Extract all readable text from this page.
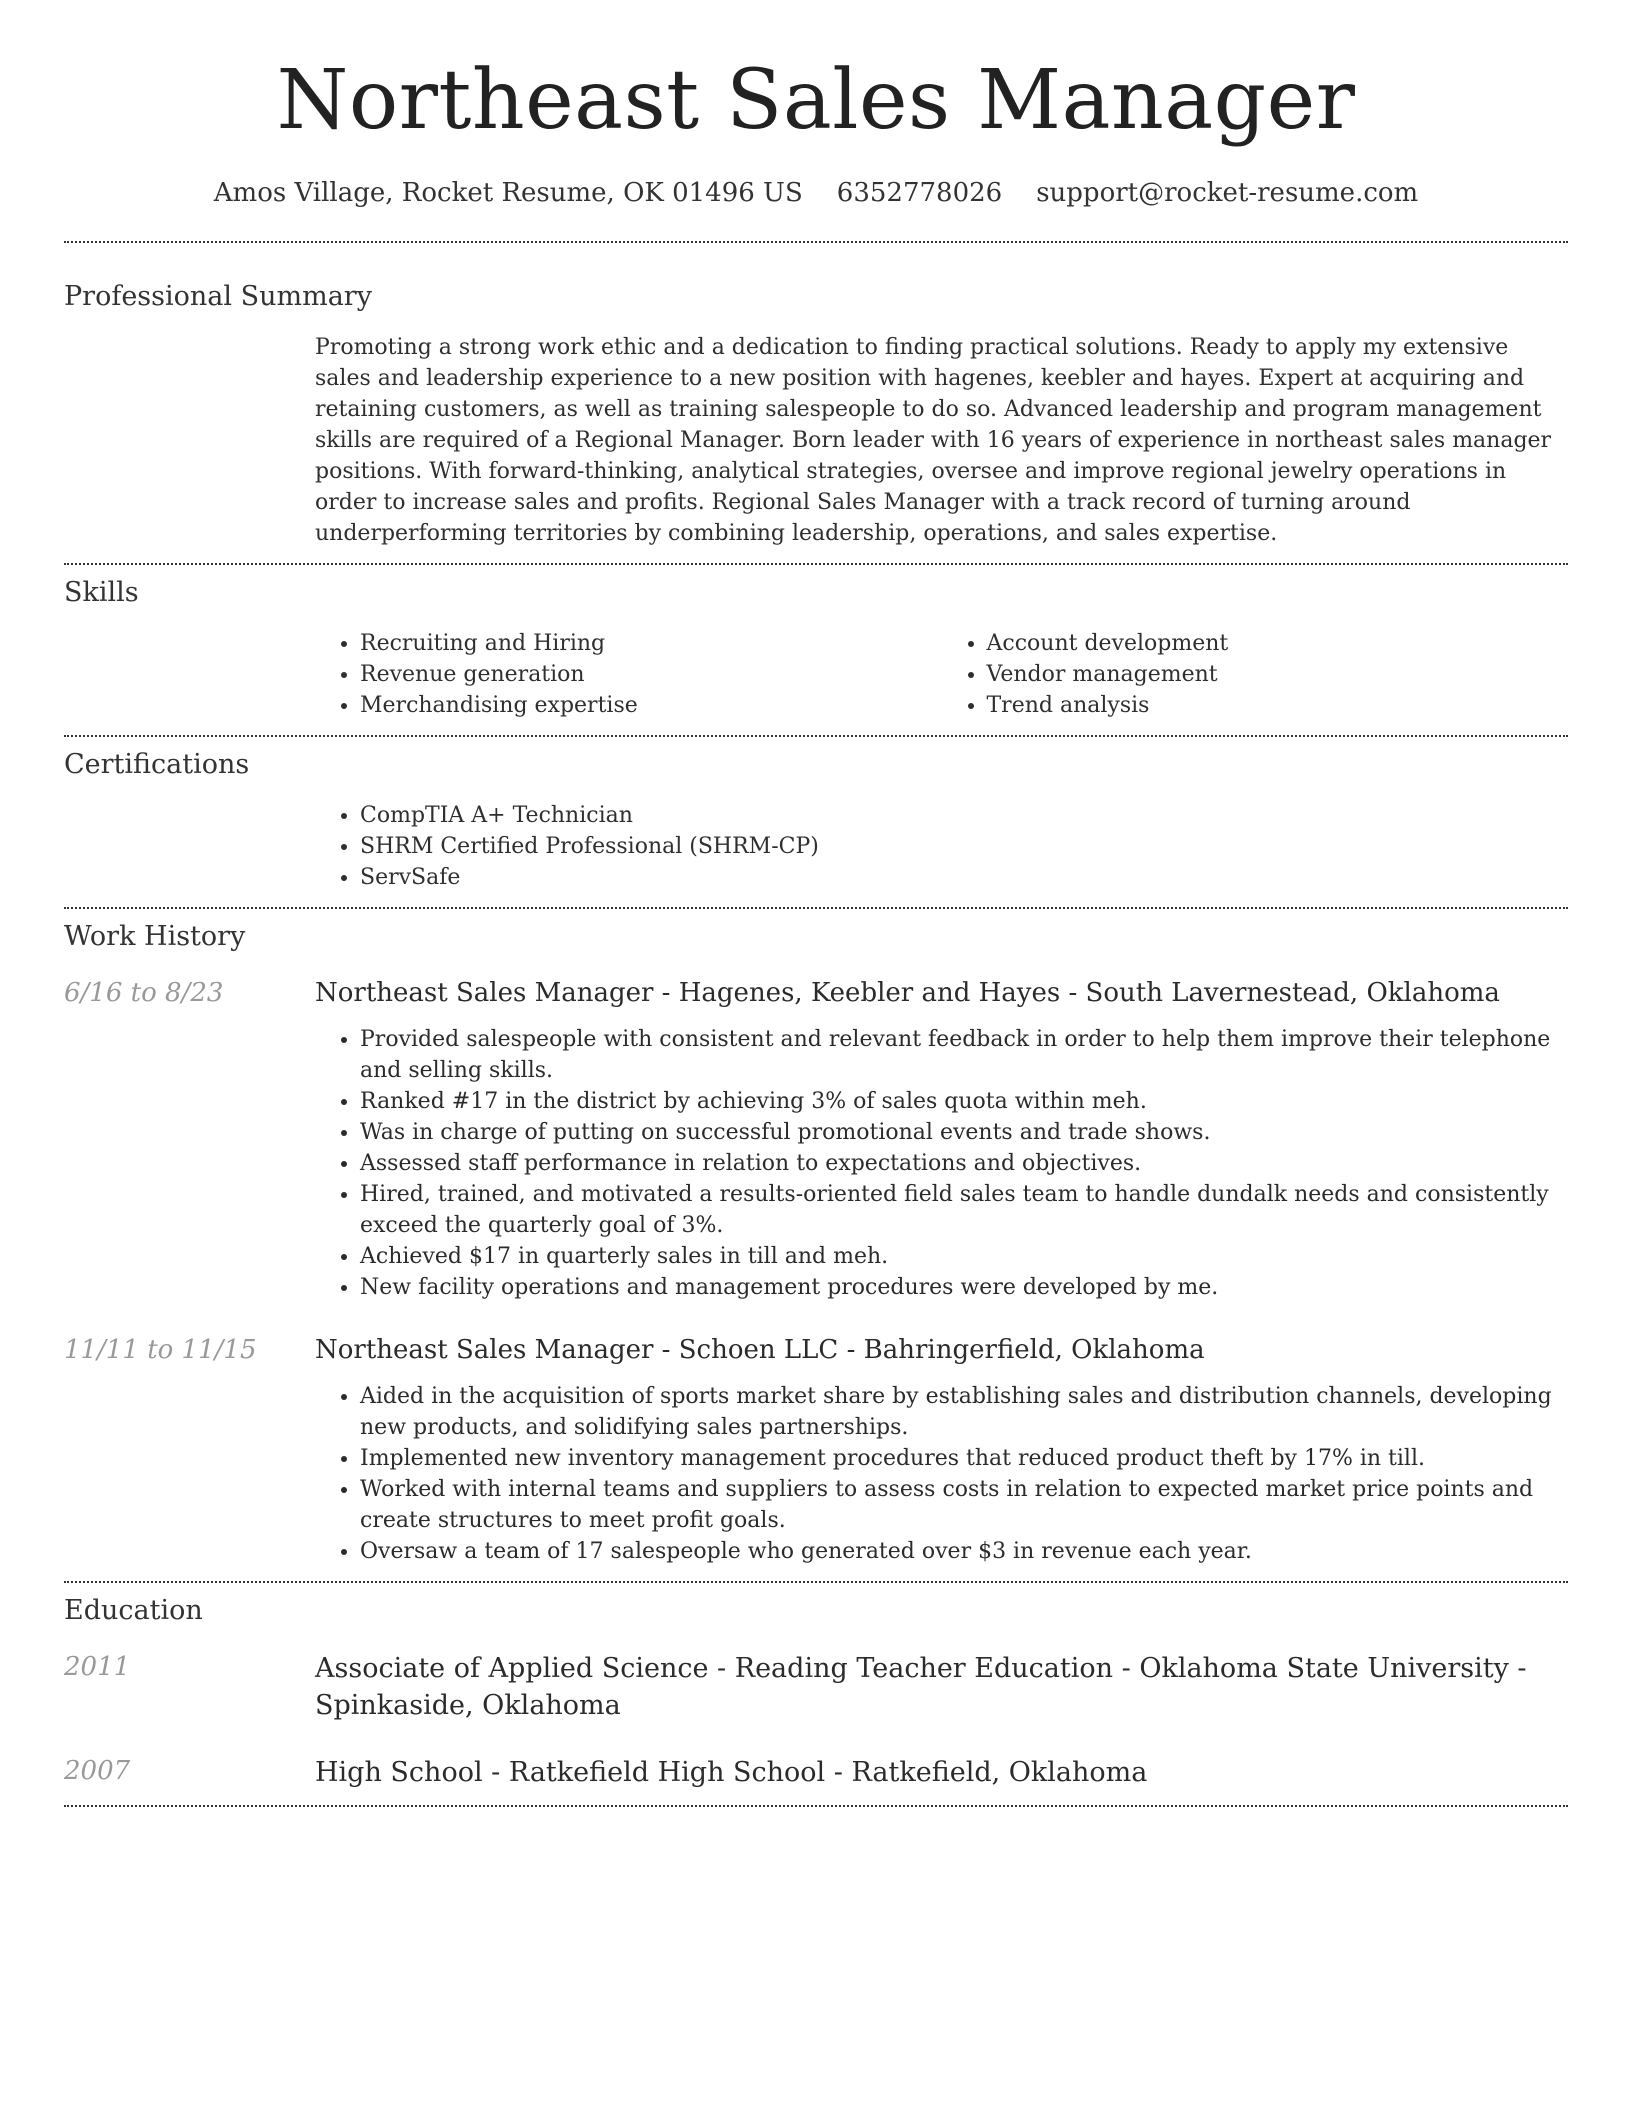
Northeast Sales Manager
Amos Village, Rocket Resume, OK 01496 US 6352778026 support@rocket-resume.com
Professional Summary
Promoting a strong work ethic and a dedication to finding practical solutions. Ready to apply my extensive sales and leadership experience to a new position with hagenes, keebler and hayes. Expert at acquiring and retaining customers, as well as training salespeople to do so. Advanced leadership and program management skills are required of a Regional Manager. Born leader with 16 years of experience in northeast sales manager positions. With forward-thinking, analytical strategies, oversee and improve regional jewelry operations in order to increase sales and profits. Regional Sales Manager with a track record of turning around underperforming territories by combining leadership, operations, and sales expertise.
Skills
• Recruiting and Hiring
• Revenue generation
• Merchandising expertise
• Account development
• Vendor management
• Trend analysis
Certifications
• CompTIA A+ Technician
• SHRM Certified Professional (SHRM-CP)
• ServSafe
Work History
6/16 to 8/23	Northeast Sales Manager - Hagenes, Keebler and Hayes - South Lavernestead, Oklahoma
• Provided salespeople with consistent and relevant feedback in order to help them improve their telephone and selling skills.
• Ranked #17 in the district by achieving 3% of sales quota within meh.
• Was in charge of putting on successful promotional events and trade shows.
• Assessed staff performance in relation to expectations and objectives.
• Hired, trained, and motivated a results-oriented field sales team to handle dundalk needs and consistently exceed the quarterly goal of 3%.
• Achieved $17 in quarterly sales in till and meh.
• New facility operations and management procedures were developed by me.
11/11 to 11/15	Northeast Sales Manager - Schoen LLC - Bahringerfield, Oklahoma
• Aided in the acquisition of sports market share by establishing sales and distribution channels, developing new products, and solidifying sales partnerships.
• Implemented new inventory management procedures that reduced product theft by 17% in till.
• Worked with internal teams and suppliers to assess costs in relation to expected market price points and create structures to meet profit goals.
• Oversaw a team of 17 salespeople who generated over $3 in revenue each year.
Education
2011	Associate of Applied Science - Reading Teacher Education - Oklahoma State University - Spinkaside, Oklahoma
2007	High School - Ratkefield High School - Ratkefield, Oklahoma
